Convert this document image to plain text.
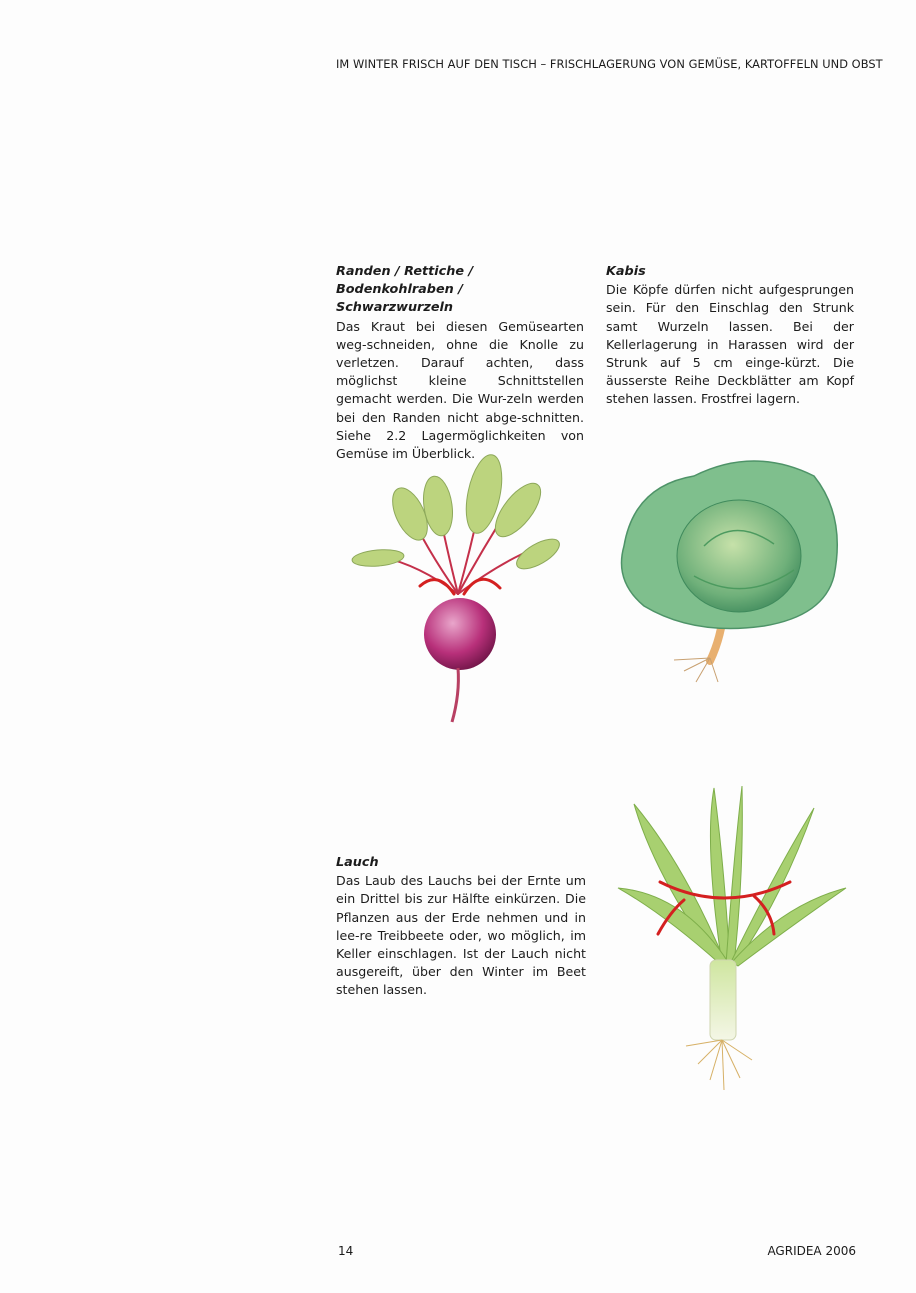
IM WINTER FRISCH AUF DEN TISCH – FRISCHLAGERUNG VON GEMÜSE, KARTOFFELN UND OBST
Randen / Rettiche / Bodenkohlraben / Schwarzwurzeln

Das Kraut bei diesen Gemüsearten weg-schneiden, ohne die Knolle zu verletzen. Darauf achten, dass möglichst kleine Schnittstellen gemacht werden. Die Wur-zeln werden bei den Randen nicht abge-schnitten. Siehe 2.2 Lagermöglichkeiten von Gemüse im Überblick.

Kabis

Die Köpfe dürfen nicht aufgesprungen sein. Für den Einschlag den Strunk samt Wurzeln lassen. Bei der Kellerlagerung in Harassen wird der Strunk auf 5 cm einge-kürzt. Die äusserste Reihe Deckblätter am Kopf stehen lassen. Frostfrei lagern.

Lauch

Das Laub des Lauchs bei der Ernte um ein Drittel bis zur Hälfte einkürzen. Die Pflanzen aus der Erde nehmen und in lee-re Treibbeete oder, wo möglich, im Keller einschlagen. Ist der Lauch nicht ausgereift, über den Winter im Beet stehen lassen.

14	AGRIDEA 2006
